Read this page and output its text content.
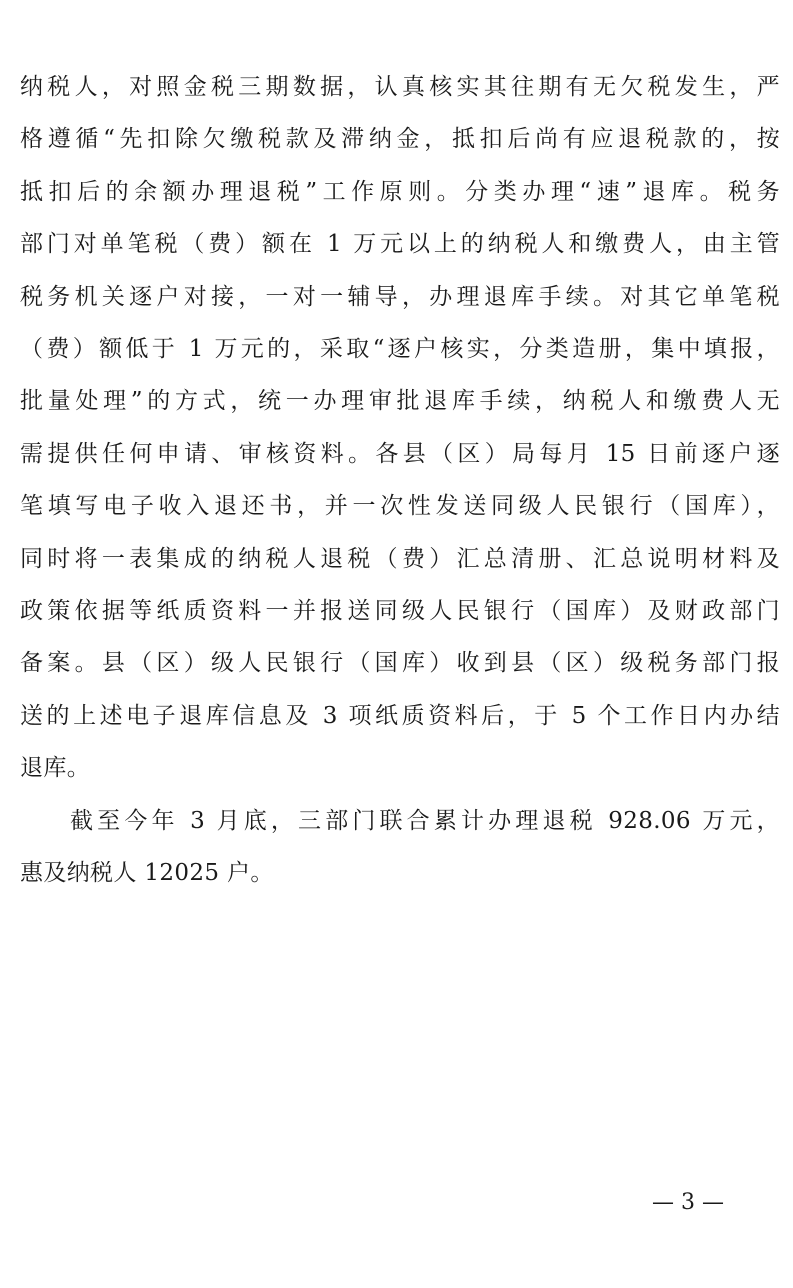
纳税人，对照金税三期数据，认真核实其往期有无欠税发生，严
格遵循“先扣除欠缴税款及滞纳金，抵扣后尚有应退税款的，按
抵扣后的余额办理退税”工作原则。分类办理“速”退库。税务
部门对单笔税（费）额在 1 万元以上的纳税人和缴费人，由主管
税务机关逐户对接，一对一辅导，办理退库手续。对其它单笔税
（费）额低于 1 万元的，采取“逐户核实，分类造册，集中填报，
批量处理”的方式，统一办理审批退库手续，纳税人和缴费人无
需提供任何申请、审核资料。各县（区）局每月 15 日前逐户逐
笔填写电子收入退还书，并一次性发送同级人民银行（国库），
同时将一表集成的纳税人退税（费）汇总清册、汇总说明材料及
政策依据等纸质资料一并报送同级人民银行（国库）及财政部门
备案。县（区）级人民银行（国库）收到县（区）级税务部门报
送的上述电子退库信息及 3 项纸质资料后，于 5 个工作日内办结
退库。
截至今年 3 月底，三部门联合累计办理退税 928.06 万元，
惠及纳税人 12025 户。
— 3 —
